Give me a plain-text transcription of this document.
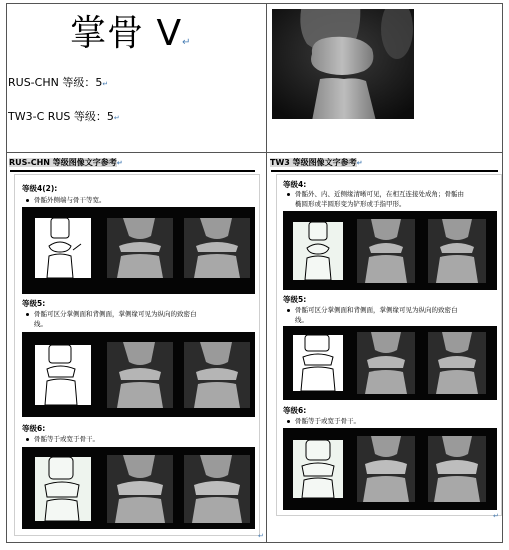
掌骨 V↵
RUS-CHN 等级：5↵
TW3-C RUS 等级：5↵
RUS-CHN 等级图像文字参考↵	TW3 等级图像文字参考↵
等级4(2):
骨骺外侧端与骨干等宽。
等级5:
骨骺可区分掌侧面和背侧面，掌侧缘可见为纵向的致密白
线。
等级6:
骨骺等于或宽于骨干。
等级4:
骨骺外、内、近侧缘清晰可见，在相互连接处成角；骨骺由
椭圆形或半圆形变为铲形或手指甲形。
等级5:
骨骺可区分掌侧面和背侧面，掌侧缘可见为纵向的致密白
线。
等级6:
骨骺等于或宽于骨干。
↵
↵
